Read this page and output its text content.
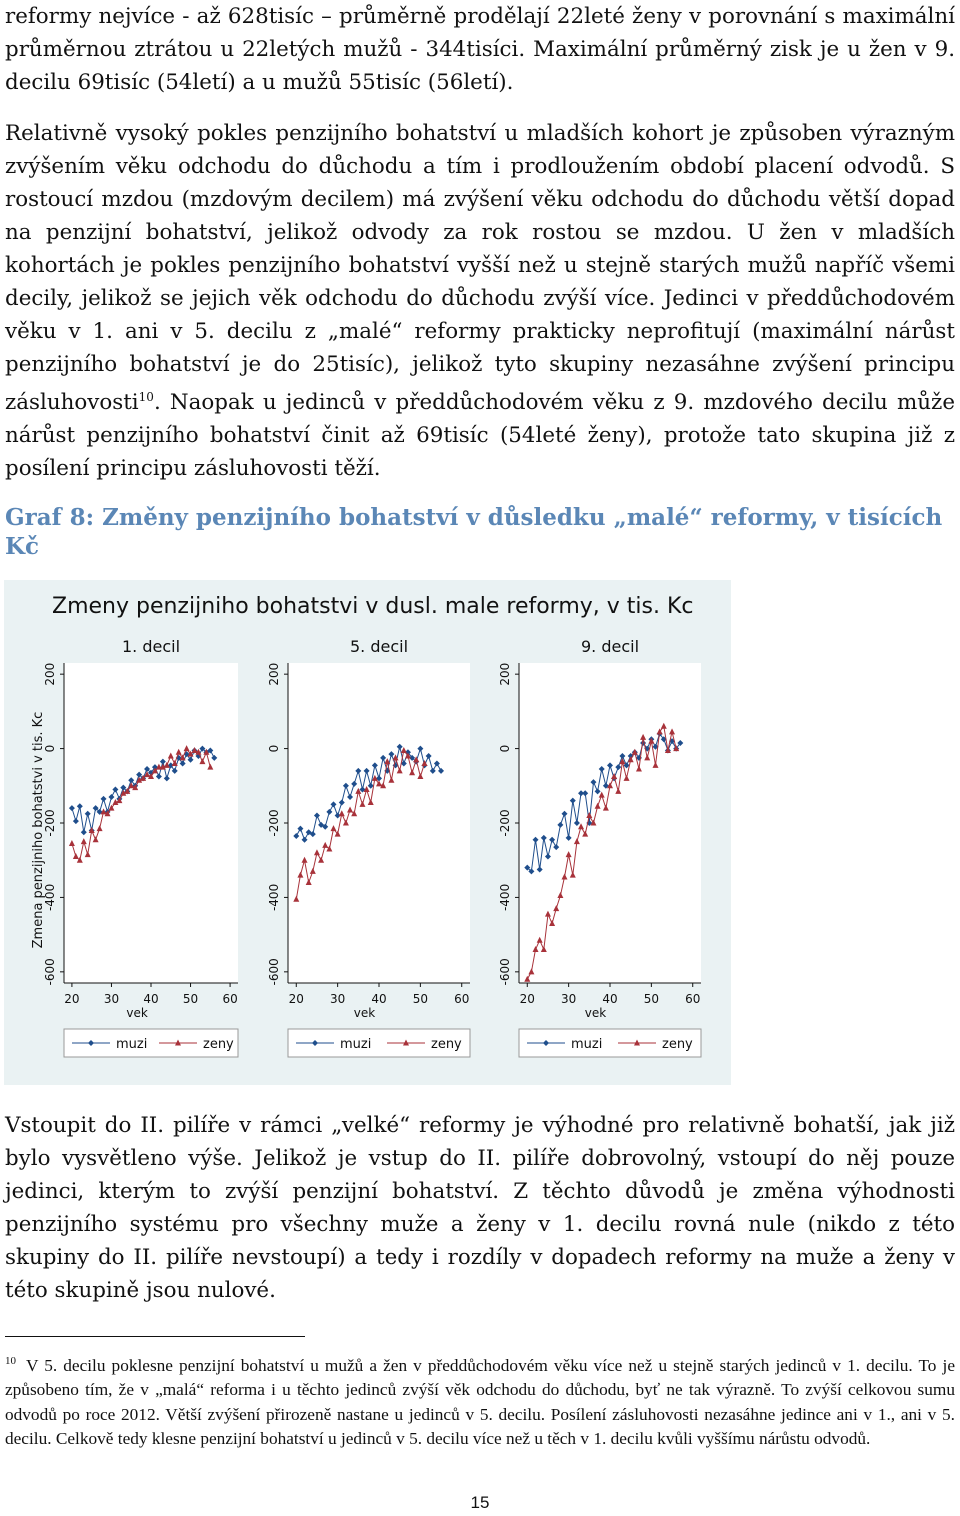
reformy nejvíce - až 628tisíc – průměrně prodělají 22leté ženy v porovnání s maximální průměrnou ztrátou u 22letých mužů - 344tisíci. Maximální průměrný zisk je u žen v 9. decilu 69tisíc (54letí) a u mužů 55tisíc (56letí).

Relativně vysoký pokles penzijního bohatství u mladších kohort je způsoben výrazným zvýšením věku odchodu do důchodu a tím i prodloužením období placení odvodů. S rostoucí mzdou (mzdovým decilem) má zvýšení věku odchodu do důchodu větší dopad na penzijní bohatství, jelikož odvody za rok rostou se mzdou. U žen v mladších kohortách je pokles penzijního bohatství vyšší než u stejně starých mužů napříč všemi decily, jelikož se jejich věk odchodu do důchodu zvýší více. Jedinci v předdůchodovém věku v 1. ani v 5. decilu z „malé“ reformy prakticky neprofitují (maximální nárůst penzijního bohatství je do 25tisíc), jelikož tyto skupiny nezasáhne zvýšení principu zásluhovosti$^{10}$. Naopak u jedinců v předdůchodovém věku z 9. mzdového decilu může nárůst penzijního bohatství činit až 69tisíc (54leté ženy), protože tato skupina již z posílení principu zásluhovosti těží.

Graf 8: Změny penzijního bohatství v důsledku „malé“ reformy, v tisících Kč

Zmeny penzijniho bohatstvi v dusl. male reformy, v tis. Kc
Zmena penzijniho bohatstvi v tis. Kc
1. decil
-600
-400
-200
0
200
20 30 40 50 60
vek
muzi	zeny
5. decil
-600
-400
-200
0
200
20 30 40 50 60
vek
muzi	zeny
9. decil
-600
-400
-200
0
200
20 30 40 50 60
vek
muzi	zeny

Vstoupit do II. pilíře v rámci „velké“ reformy je výhodné pro relativně bohatší, jak již bylo vysvětleno výše. Jelikož je vstup do II. pilíře dobrovolný, vstoupí do něj pouze jedinci, kterým to zvýší penzijní bohatství. Z těchto důvodů je změna výhodnosti penzijního systému pro všechny muže a ženy v 1. decilu rovná nule (nikdo z této skupiny do II. pilíře nevstoupí) a tedy i rozdíly v dopadech reformy na muže a ženy v této skupině jsou nulové.

$^{10}$ V 5. decilu poklesne penzijní bohatství u mužů a žen v předdůchodovém věku více než u stejně starých jedinců v 1. decilu. To je způsobeno tím, že v „malá“ reforma i u těchto jedinců zvýší věk odchodu do důchodu, byť ne tak výrazně. To zvýší celkovou sumu odvodů po roce 2012. Větší zvýšení přirozeně nastane u jedinců v 5. decilu. Posílení zásluhovosti nezasáhne jedince ani v 1., ani v 5. decilu. Celkově tedy klesne penzijní bohatství u jedinců v 5. decilu více než u těch v 1. decilu kvůli vyššímu nárůstu odvodů.

15
